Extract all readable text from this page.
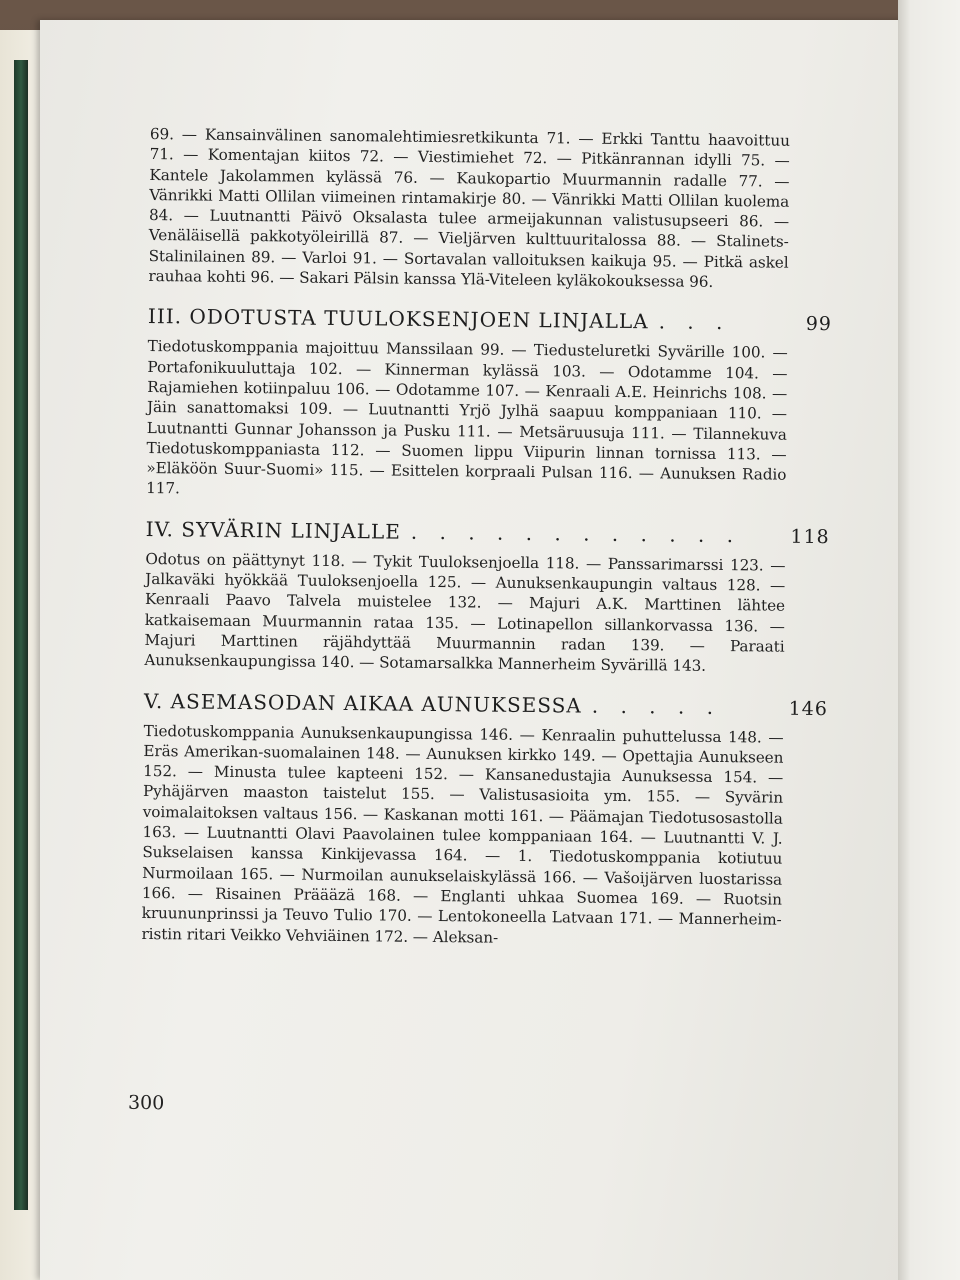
69. — Kansainvälinen sanomalehtimiesretkikunta 71. — Erkki Tanttu haavoittuu 71. — Komentajan kiitos 72. — Viestimiehet 72. — Pitkänrannan idylli 75. — Kantele Jakolammen kylässä 76. — Kaukopartio Muurmannin radalle 77. — Vänrikki Matti Ollilan viimeinen rintamakirje 80. — Vänrikki Matti Ollilan kuolema 84. — Luutnantti Päivö Oksalasta tulee armeijakunnan valistusupseeri 86. — Venäläisellä pakkotyöleirillä 87. — Vieljärven kulttuuritalossa 88. — Stalinets-Stalinilainen 89. — Varloi 91. — Sortavalan valloituksen kaikuja 95. — Pitkä askel rauhaa kohti 96. — Sakari Pälsin kanssa Ylä-Viteleen kyläkokouksessa 96.

III. ODOTUSTA TUULOKSENJOEN LINJALLA . . .	99

Tiedotuskomppania majoittuu Manssilaan 99. — Tiedusteluretki Syvärille 100. — Portafonikuuluttaja 102. — Kinnerman kylässä 103. — Odotamme 104. — Rajamiehen kotiinpaluu 106. — Odotamme 107. — Kenraali A.E. Heinrichs 108. — Jäin sanattomaksi 109. — Luutnantti Yrjö Jylhä saapuu komppaniaan 110. — Luutnantti Gunnar Johansson ja Pusku 111. — Metsäruusuja 111. — Tilannekuva Tiedotuskomppaniasta 112. — Suomen lippu Viipurin linnan tornissa 113. — »Eläköön Suur-Suomi» 115. — Esittelen korpraali Pulsan 116. — Aunuksen Radio 117.

IV. SYVÄRIN LINJALLE . . . . . . . . . . . .	118

Odotus on päättynyt 118. — Tykit Tuuloksenjoella 118. — Panssarimarssi 123. — Jalkaväki hyökkää Tuuloksenjoella 125. — Aunuksenkaupungin valtaus 128. — Kenraali Paavo Talvela muistelee 132. — Majuri A.K. Marttinen lähtee katkaisemaan Muurmannin rataa 135. — Lotinapellon sillankorvassa 136. — Majuri Marttinen räjähdyttää Muurmannin radan 139. — Paraati Aunuksenkaupungissa 140. — Sotamarsalkka Mannerheim Syvärillä 143.

V. ASEMASODAN AIKAA AUNUKSESSA . . . . .	146

Tiedotuskomppania Aunuksenkaupungissa 146. — Kenraalin puhuttelussa 148. — Eräs Amerikan-suomalainen 148. — Aunuksen kirkko 149. — Opettajia Aunukseen 152. — Minusta tulee kapteeni 152. — Kansanedustajia Aunuksessa 154. — Pyhäjärven maaston taistelut 155. — Valistusasioita ym. 155. — Syvärin voimalaitoksen valtaus 156. — Kaskanan motti 161. — Päämajan Tiedotusosastolla 163. — Luutnantti Olavi Paavolainen tulee komppaniaan 164. — Luutnantti V. J. Sukselaisen kanssa Kinkijevassa 164. — 1. Tiedotuskomppania kotiutuu Nurmoilaan 165. — Nurmoilan aunukselaiskylässä 166. — Vašoijärven luostarissa 166. — Risainen Präääzä 168. — Englanti uhkaa Suomea 169. — Ruotsin kruununprinssi ja Teuvo Tulio 170. — Lentokoneella Latvaan 171. — Mannerheim-ristin ritari Veikko Vehviäinen 172. — Aleksan-

300
